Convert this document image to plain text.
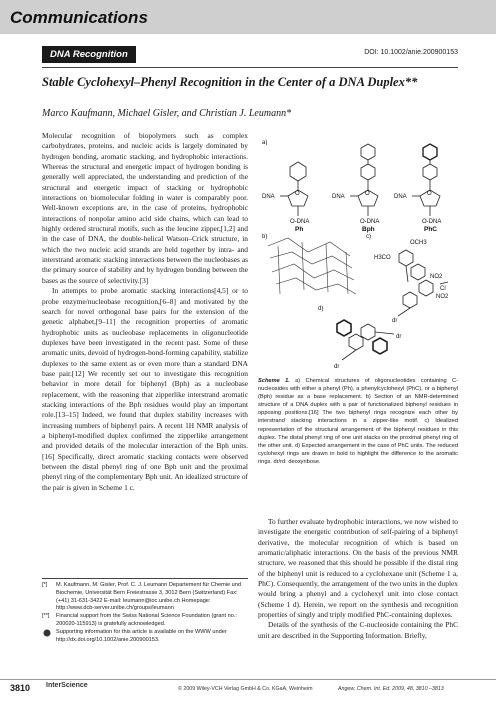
Communications
DNA Recognition	DOI: 10.1002/anie.200900153
Stable Cyclohexyl–Phenyl Recognition in the Center of a DNA Duplex**
Marco Kaufmann, Michael Gisler, and Christian J. Leumann*

Molecular recognition of biopolymers such as complex carbohydrates, proteins, and nucleic acids is largely dominated by hydrogen bonding, aromatic stacking, and hydrophobic interactions. Whereas the structural and energetic impact of hydrogen bonding is generally well appreciated, the understanding and prediction of the structural and energetic impact of stacking or hydrophobic interactions on biomolecular folding in water is comparably poor. Well-known exceptions are, in the case of proteins, hydrophobic interactions of nonpolar amino acid side chains, which can lead to highly ordered structural motifs, such as the leucine zipper,[1,2] and in the case of DNA, the double-helical Watson–Crick structure, in which the two nucleic acid strands are held together by intra- and interstrand aromatic stacking interactions between the nucleobases as the primary source of stability and by hydrogen bonding between the bases as the source of selectivity.[3]

In attempts to probe aromatic stacking interactions[4,5] or to probe enzyme/nucleobase recognition,[6–8] and motivated by the search for novel orthogonal base pairs for the extension of the genetic alphabet,[9–11] the recognition properties of aromatic hydrophobic units as nucleobase replacements in oligonucleotide duplexes have been investigated in the recent past. Some of these aromatic units, devoid of hydrogen-bond-forming capability, stabilize duplexes to the same extent as or even more than a standard DNA base pair.[12] We recently set out to investigate this recognition behavior in more detail for biphenyl (Bph) as a nucleobase replacement, with the reasoning that zipperlike interstrand aromatic stacking interactions of the Bph residues would play an important role.[13–15] Indeed, we found that duplex stability increases with increasing numbers of biphenyl pairs. A recent 1H NMR analysis of a biphenyl-modified duplex confirmed the zipperlike arrangement and provided details of the molecular interaction of the Bph units.[16] Specifically, direct aromatic stacking contacts were observed between the distal phenyl ring of one Bph unit and the proximal phenyl ring of the complementary Bph unit. An idealized structure of the pair is given in Scheme 1 c.

[*]	M. Kaufmann, M. Gisler, Prof. C. J. Leumann Departement für Chemie und Biochemie, Universität Bern Freiestrasse 3, 3012 Bern (Switzerland) Fax: (+41) 31-631-3422 E-mail: leumann@ioc.unibe.ch Homepage: http://www.dcb-server.unibe.ch/groups/leumann
[**]	Financial support from the Swiss National Science Foundation (grant no.: 200020-115913) is gratefully acknowledged.
Supporting information for this article is available on the WWW under http://dx.doi.org/10.1002/anie.200900153.
a)
b)	c)
d)
DNA	DNA	DNA
O	O	O
O-DNA	O-DNA	O-DNA
Ph	Bph	PhC
OCH3
H3CO
NO2
NO2
Cl
dr
dr
dr
Scheme 1. a) Chemical structures of oligonucleotides containing C-nucleosides with either a phenyl (Ph), a phenylcyclohexyl (PhC), or a biphenyl (Bph) residue as a base replacement. b) Section of an NMR-determined structure of a DNA duplex with a pair of functionalized biphenyl residues in opposing positions.[16] The two biphenyl rings recognize each other by interstrand stacking interactions in a zipper-like motif. c) Idealized representation of the structural arrangement of the biphenyl residues in this duplex. The distal phenyl ring of one unit stacks on the proximal phenyl ring of the other unit. d) Expected arrangement in the case of PhC units. The reduced cyclohexyl rings are drawn in bold to highlight the difference to the aromatic rings. dr/rd: deoxyribose.

To further evaluate hydrophobic interactions, we now wished to investigate the energetic contribution of self-pairing of a biphenyl derivative, the molecular recognition of which is based on aromatic/aliphatic interactions. On the basis of the previous NMR structure, we reasoned that this should be possible if the distal ring of the biphenyl unit is reduced to a cyclohexane unit (Scheme 1 a, PhC). Consequently, the arrangement of the two units in the duplex would bring a phenyl and a cyclohexyl unit into close contact (Scheme 1 d). Herein, we report on the synthesis and recognition properties of singly and triply modified PhC-containing duplexes.

Details of the synthesis of the C-nucleoside containing the PhC unit are described in the Supporting Information. Briefly,

3810 InterScience	© 2009 Wiley-VCH Verlag GmbH & Co. KGaA, Weinheim	Angew. Chem. Int. Ed. 2009, 48, 3810 –3813
